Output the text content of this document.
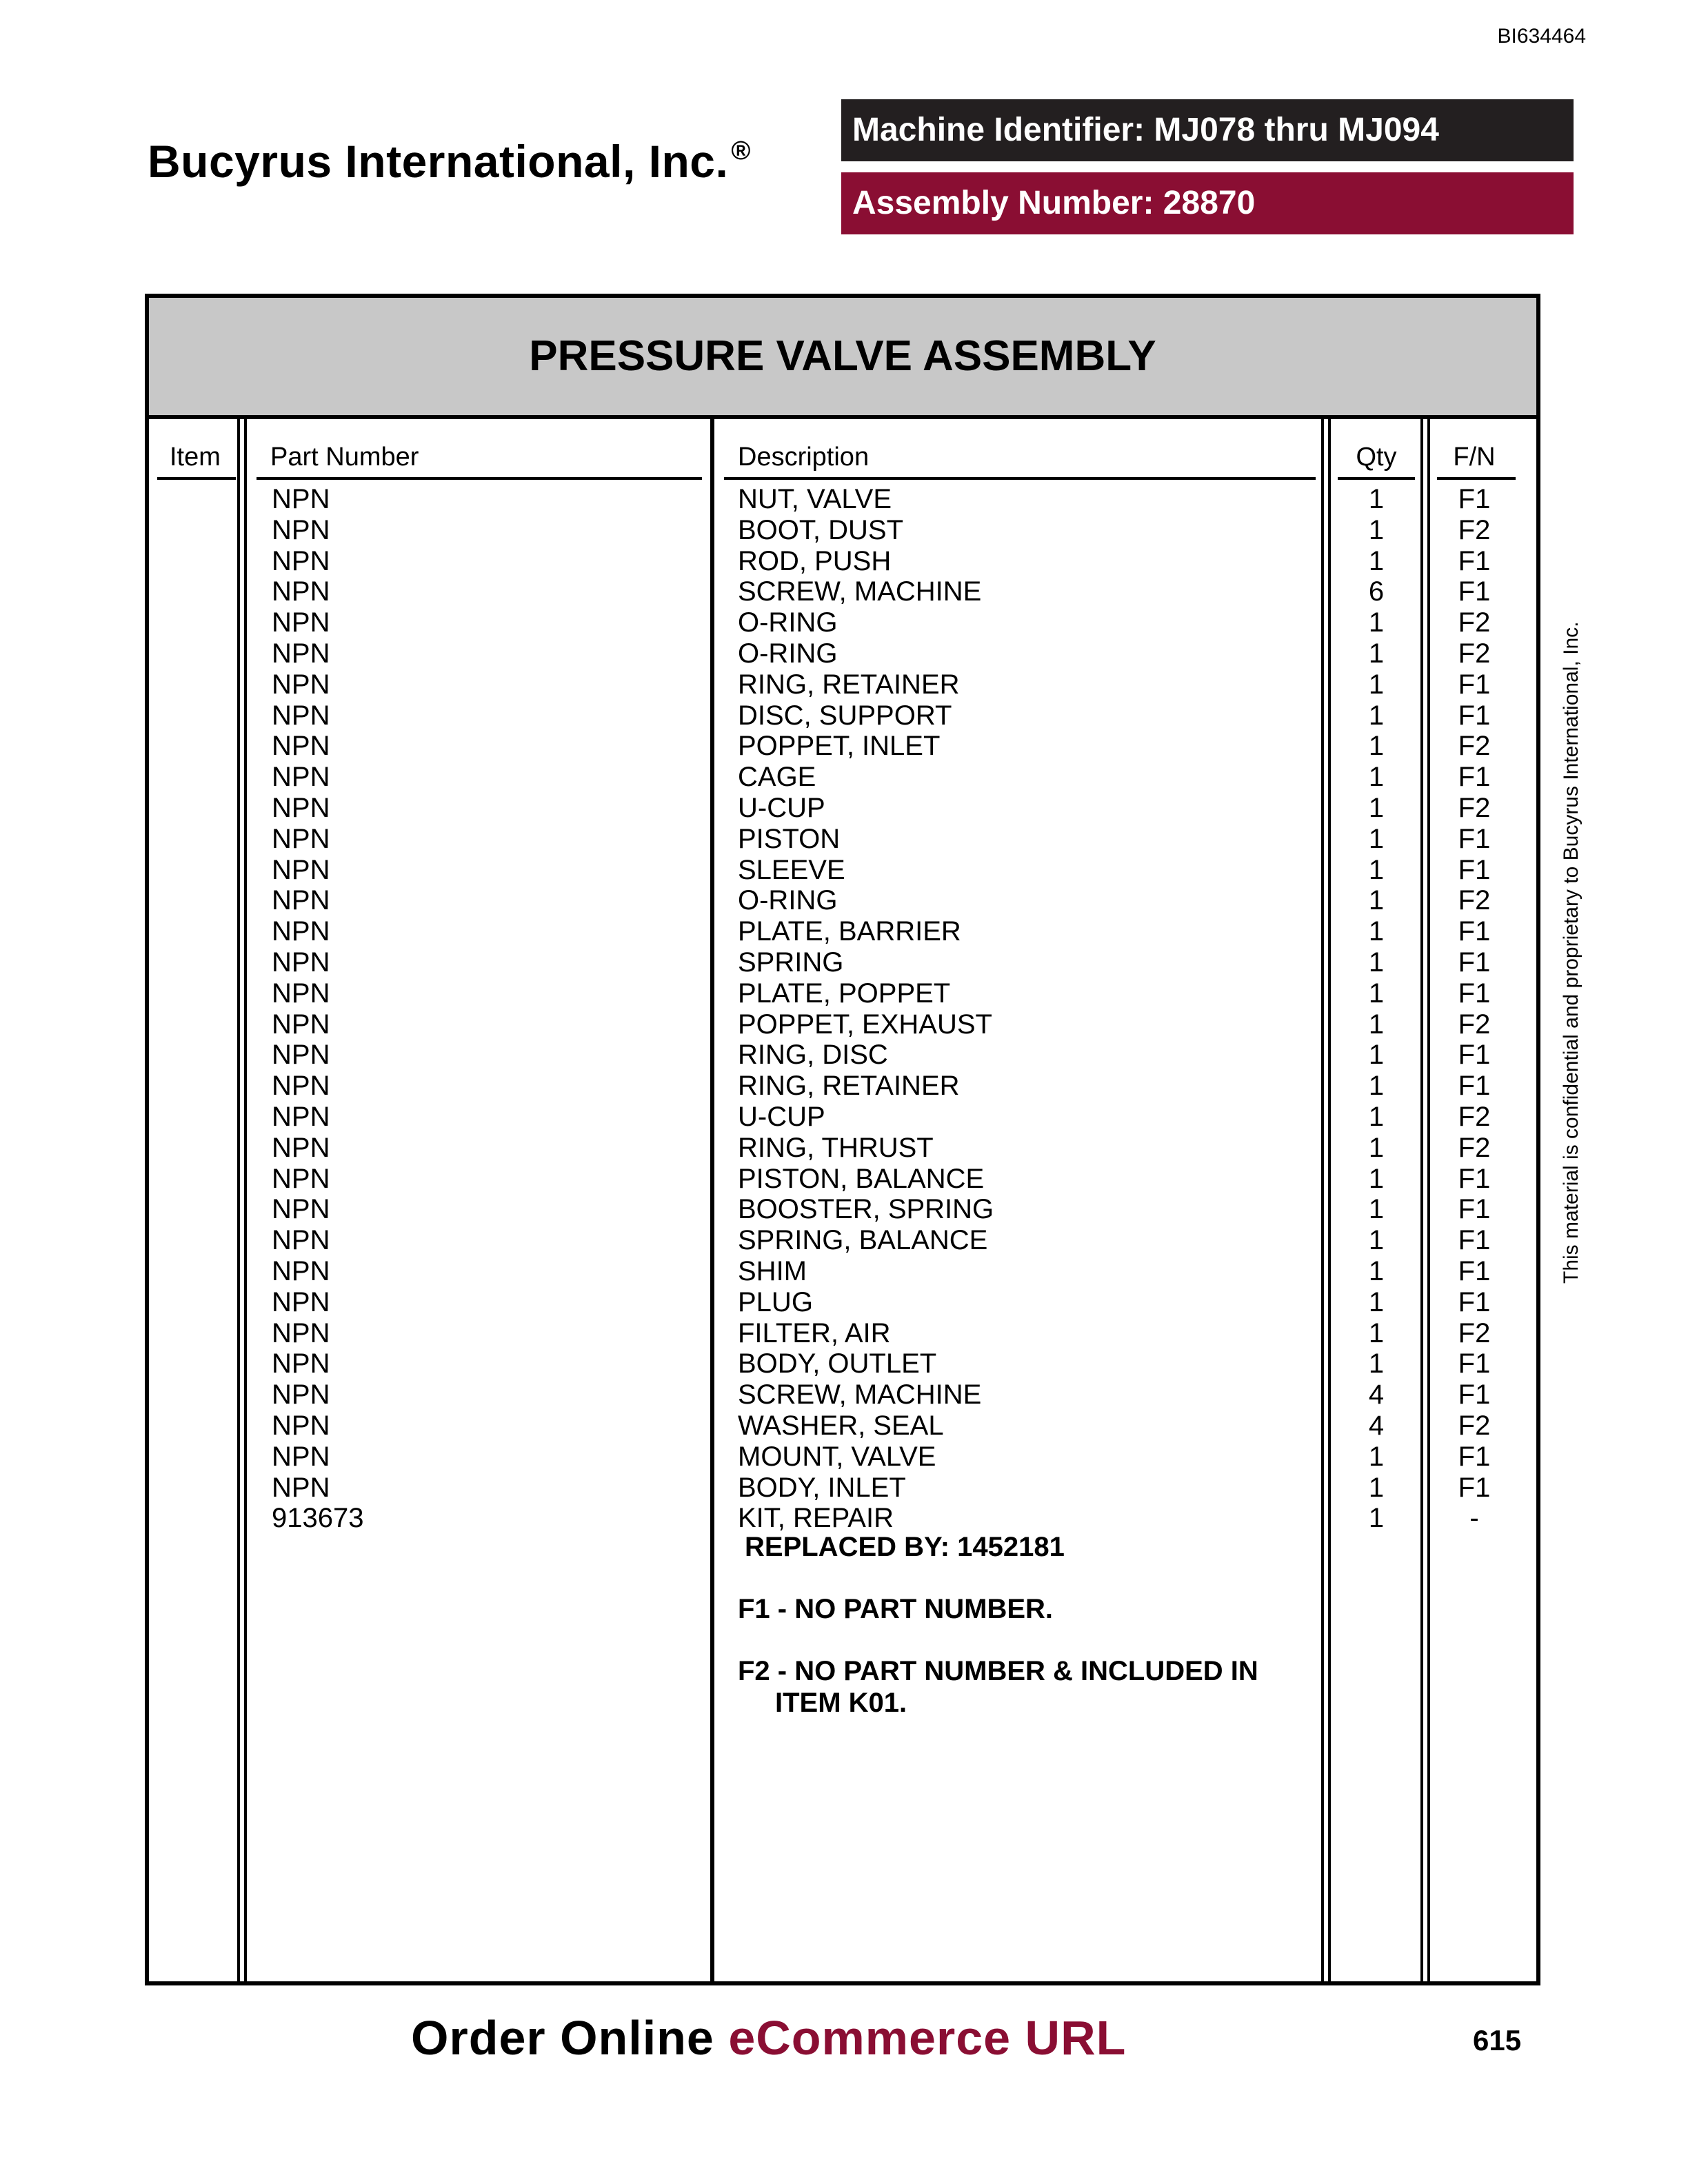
BI634464
Bucyrus International, Inc. ®
Machine Identifier: MJ078 thru MJ094
Assembly Number: 28870
PRESSURE VALVE ASSEMBLY
Item Part Number	Description	Qty F/N
NPN	NUT, VALVE	1	F1
NPN	BOOT, DUST	1	F2
NPN	ROD, PUSH	1	F1
NPN	SCREW, MACHINE	6	F1
NPN	O-RING	1	F2
NPN	O-RING	1	F2
NPN	RING, RETAINER	1	F1
NPN	DISC, SUPPORT	1	F1
NPN	POPPET, INLET	1	F2
NPN	CAGE	1	F1
NPN	U-CUP	1	F2
NPN	PISTON	1	F1
NPN	SLEEVE	1	F1
NPN	O-RING	1	F2
NPN	PLATE, BARRIER	1	F1
NPN	SPRING	1	F1
NPN	PLATE, POPPET	1	F1
NPN	POPPET, EXHAUST	1	F2
NPN	RING, DISC	1	F1
NPN	RING, RETAINER	1	F1
NPN	U-CUP	1	F2
NPN	RING, THRUST	1	F2
NPN	PISTON, BALANCE	1	F1
NPN	BOOSTER, SPRING	1	F1
NPN	SPRING, BALANCE	1	F1
NPN	SHIM	1	F1
NPN	PLUG	1	F1
NPN	FILTER, AIR	1	F2
NPN	BODY, OUTLET	1	F1
NPN	SCREW, MACHINE	4	F1
NPN	WASHER, SEAL	4	F2
NPN	MOUNT, VALVE	1	F1
NPN	BODY, INLET	1	F1
913673	KIT, REPAIR	1	-
REPLACED BY: 1452181
F1 - NO PART NUMBER.
F2 - NO PART NUMBER & INCLUDED IN
ITEM K01.
This material is confidential and proprietary to Bucyrus International, Inc.
Order Online eCommerce URL	615
